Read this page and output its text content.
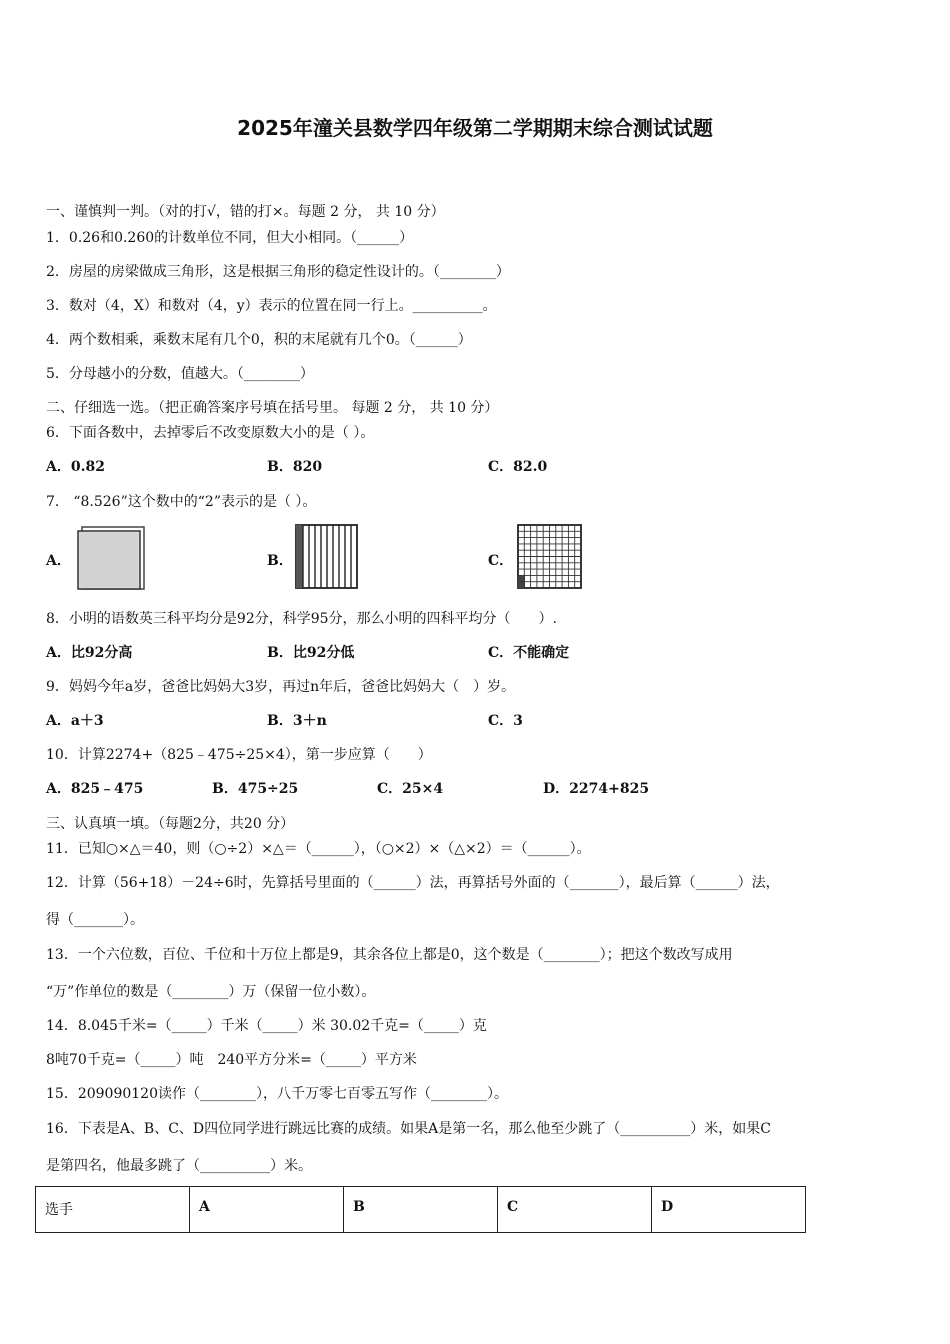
2025年潼关县数学四年级第二学期期末综合测试试题
一、谨慎判一判。（对的打√，错的打×。每题 2 分， 共 10 分）
1．0.26和0.260的计数单位不同，但大小相同。（______）
2．房屋的房梁做成三角形，这是根据三角形的稳定性设计的。（________）
3．数对（4，X）和数对（4，y）表示的位置在同一行上。__________。
4．两个数相乘，乘数末尾有几个0，积的末尾就有几个0。（______）
5．分母越小的分数，值越大。（________）
二、仔细选一选。（把正确答案序号填在括号里。 每题 2 分， 共 10 分）
6．下面各数中，去掉零后不改变原数大小的是（ ）。
A．0.82	B．820	C．82.0
7． “8.526”这个数中的“2”表示的是（ ）。
A．	B．	C．
8．小明的语数英三科平均分是92分，科学95分，那么小明的四科平均分（　　）.
A．比92分高	B．比92分低	C．不能确定
9．妈妈今年a岁，爸爸比妈妈大3岁，再过n年后，爸爸比妈妈大（　）岁。
A．a＋3	B．3＋n	C．3
10．计算2274+（825﹣475÷25×4），第一步应算（　　）
A．825﹣475	B．475÷25	C．25×4	D．2274+825
三、认真填一填。（每题2分，共20 分）
11．已知○×△＝40，则（○÷2）×△＝（______），（○×2）×（△×2）＝（______）。
12．计算（56+18）－24÷6时，先算括号里面的（______）法，再算括号外面的（_______），最后算（______）法，
得（_______）。
13．一个六位数，百位、千位和十万位上都是9，其余各位上都是0，这个数是（________）；把这个数改写成用
“万”作单位的数是（________）万（保留一位小数）。
14．8.045千米=（_____）千米（_____）米 30.02千克=（_____）克
8吨70千克=（_____）吨　240平方分米=（_____）平方米
15．209090120读作（________），八千万零七百零五写作（________）。
16．下表是A、B、C、D四位同学进行跳远比赛的成绩。如果A是第一名，那么他至少跳了（__________）米，如果C
是第四名，他最多跳了（__________）米。
选手	A	B	C	D
